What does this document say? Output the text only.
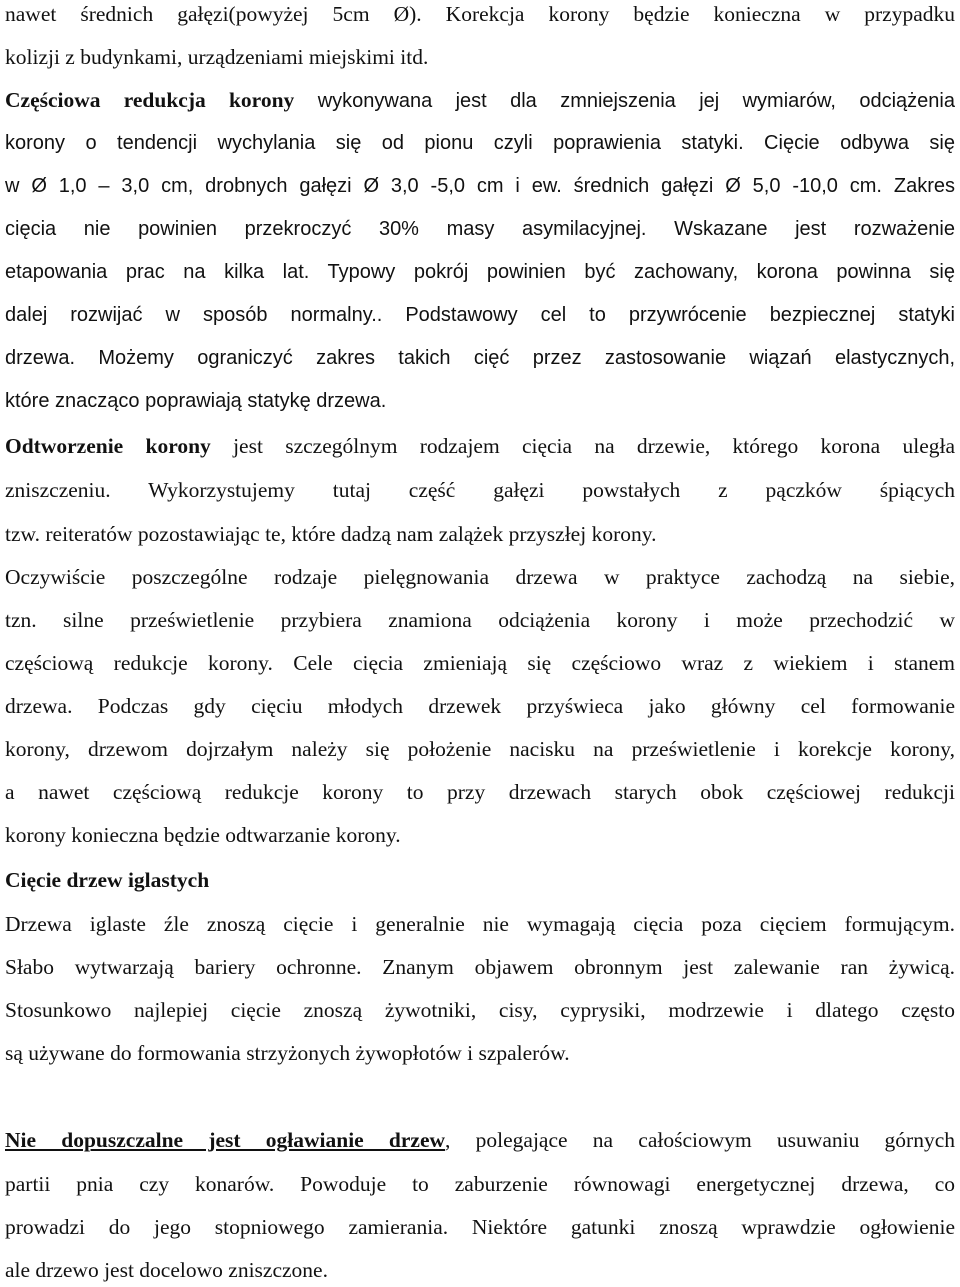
nawet średnich gałęzi(powyżej 5cm Ø). Korekcja korony będzie konieczna w przypadku
kolizji z budynkami, urządzeniami miejskimi itd.
Częściowa redukcja korony wykonywana jest dla zmniejszenia jej wymiarów, odciążenia
korony o tendencji wychylania się od pionu czyli poprawienia statyki. Cięcie odbywa się
w Ø 1,0 – 3,0 cm, drobnych gałęzi Ø 3,0 -5,0 cm i ew. średnich gałęzi Ø 5,0 -10,0 cm. Zakres
cięcia nie powinien przekroczyć 30% masy asymilacyjnej. Wskazane jest rozważenie
etapowania prac na kilka lat. Typowy pokrój powinien być zachowany, korona powinna się
dalej rozwijać w sposób normalny.. Podstawowy cel to przywrócenie bezpiecznej statyki
drzewa. Możemy ograniczyć zakres takich cięć przez zastosowanie wiązań elastycznych,
które znacząco poprawiają statykę drzewa.
Odtworzenie korony jest szczególnym rodzajem cięcia na drzewie, którego korona uległa
zniszczeniu. Wykorzystujemy tutaj część gałęzi powstałych z pączków śpiących
tzw. reiteratów pozostawiając te, które dadzą nam zalążek przyszłej korony.
Oczywiście poszczególne rodzaje pielęgnowania drzewa w praktyce zachodzą na siebie,
tzn. silne prześwietlenie przybiera znamiona odciążenia korony i może przechodzić w
częściową redukcje korony. Cele cięcia zmieniają się częściowo wraz z wiekiem i stanem
drzewa. Podczas gdy cięciu młodych drzewek przyświeca jako główny cel formowanie
korony, drzewom dojrzałym należy się położenie nacisku na prześwietlenie i korekcje korony,
a nawet częściową redukcje korony to przy drzewach starych obok częściowej redukcji
korony konieczna będzie odtwarzanie korony.
Cięcie drzew iglastych
Drzewa iglaste źle znoszą cięcie i generalnie nie wymagają cięcia poza cięciem formującym.
Słabo wytwarzają bariery ochronne. Znanym objawem obronnym jest zalewanie ran żywicą.
Stosunkowo najlepiej cięcie znoszą żywotniki, cisy, cyprysiki, modrzewie i dlatego często
są używane do formowania strzyżonych żywopłotów i szpalerów.
Nie dopuszczalne jest ogławianie drzew, polegające na całościowym usuwaniu górnych
partii pnia czy konarów. Powoduje to zaburzenie równowagi energetycznej drzewa, co
prowadzi do jego stopniowego zamierania. Niektóre gatunki znoszą wprawdzie ogłowienie
ale drzewo jest docelowo zniszczone.
